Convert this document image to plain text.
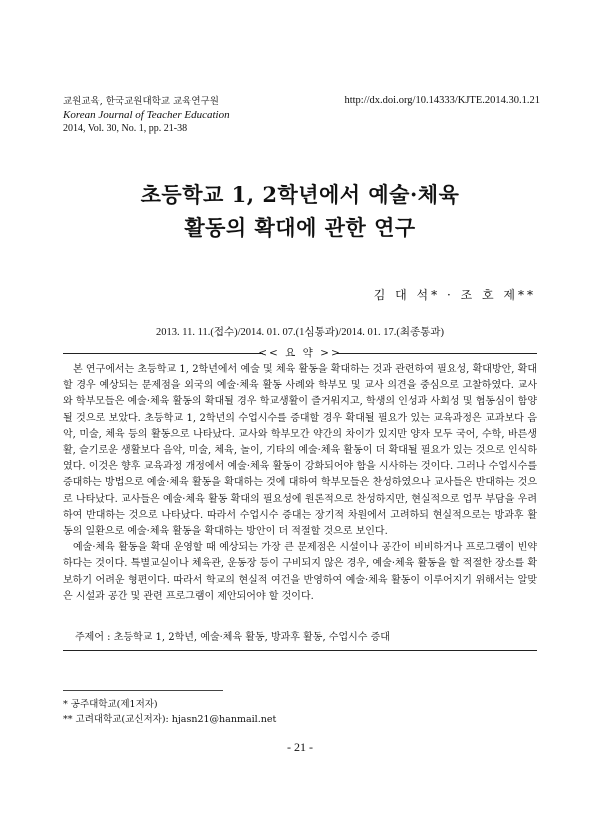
교원교육, 한국교원대학교 교육연구원
Korean Journal of Teacher Education
2014, Vol. 30, No. 1, pp. 21-38
http://dx.doi.org/10.14333/KJTE.2014.30.1.21
초등학교 1, 2학년에서 예술·체육
활동의 확대에 관한 연구
김 대 석* · 조 호 제**
2013. 11. 11.(접수)/2014. 01. 07.(1심통과)/2014. 01. 17.(최종통과)
<< 요 약 >>

본 연구에서는 초등학교 1, 2학년에서 예술 및 체육 활동을 확대하는 것과 관련하여 필요성, 확대방안, 확대할 경우 예상되는 문제점을 외국의 예술·체육 활동 사례와 학부모 및 교사 의견을 중심으로 고찰하였다. 교사와 학부모들은 예술·체육 활동의 확대될 경우 학교생활이 즐거워지고, 학생의 인성과 사회성 및 협동심이 함양될 것으로 보았다. 초등학교 1, 2학년의 수업시수를 증대할 경우 확대될 필요가 있는 교육과정은 교과보다 음악, 미술, 체육 등의 활동으로 나타났다. 교사와 학부모간 약간의 차이가 있지만 양자 모두 국어, 수학, 바른생활, 슬기로운 생활보다 음악, 미술, 체육, 놀이, 기타의 예술·체육 활동이 더 확대될 필요가 있는 것으로 인식하였다. 이것은 향후 교육과정 개정에서 예술·체육 활동이 강화되어야 함을 시사하는 것이다. 그러나 수업시수를 증대하는 방법으로 예술·체육 활동을 확대하는 것에 대하여 학부모들은 찬성하였으나 교사들은 반대하는 것으로 나타났다. 교사들은 예술·체육 활동 확대의 필요성에 원론적으로 찬성하지만, 현실적으로 업무 부담을 우려하여 반대하는 것으로 나타났다. 따라서 수업시수 증대는 장기적 차원에서 고려하되 현실적으로는 방과후 활동의 일환으로 예술·체육 활동을 확대하는 방안이 더 적절할 것으로 보인다.

예술·체육 활동을 확대 운영할 때 예상되는 가장 큰 문제점은 시설이나 공간이 비비하거나 프로그램이 빈약하다는 것이다. 특별교실이나 체육관, 운동장 등이 구비되지 않은 경우, 예술·체육 활동을 할 적절한 장소를 확보하기 어려운 형편이다. 따라서 학교의 현실적 여건을 반영하여 예술·체육 활동이 이루어지기 위해서는 알맞은 시설과 공간 및 관련 프로그램이 제안되어야 할 것이다.

주제어 : 초등학교 1, 2학년, 예술·체육 활동, 방과후 활동, 수업시수 증대
* 공주대학교(제1저자)
** 고려대학교(교신저자): hjasn21@hanmail.net
- 21 -
